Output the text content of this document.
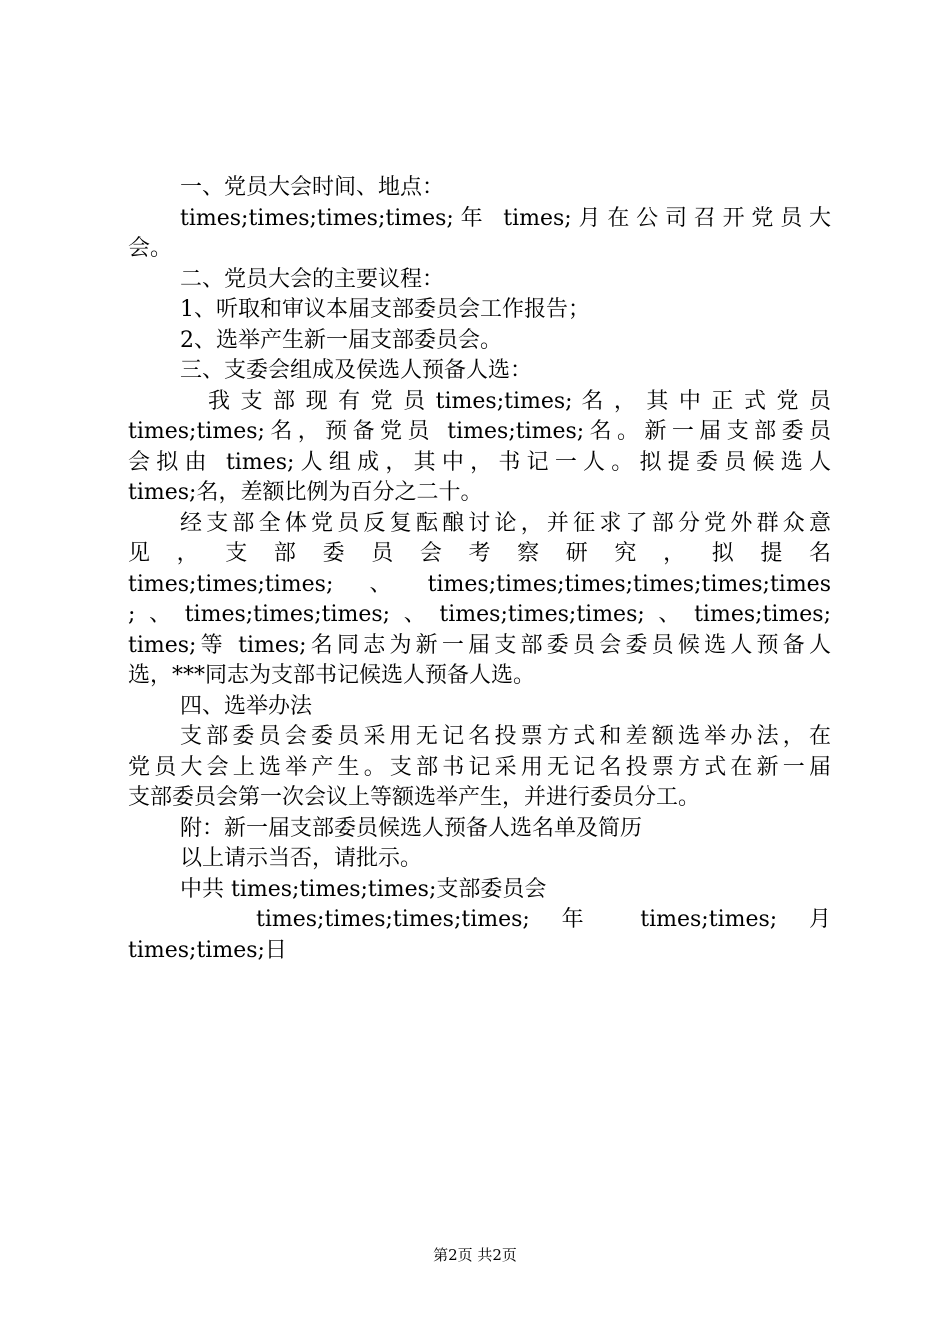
一、党员大会时间、地点：

times;times;times;times;年 times;月在公司召开党员大

会。

二、党员大会的主要议程：

1、听取和审议本届支部委员会工作报告；

2、选举产生新一届支部委员会。

三、支委会组成及侯选人预备人选：

我 支 部 现 有 党 员 times;times; 名 ， 其 中 正 式 党 员

times;times;名，预备党员 times;times;名。新一届支部委员

会拟由 times;人组成，其中，书记一人。拟提委员候选人

times;名，差额比例为百分之二十。

经支部全体党员反复酝酿讨论，并征求了部分党外群众意

见 ， 支 部 委 员 会 考 察 研 究 ， 拟 提 名

times;times;times;、times;times;times;times;times;times

;、times;times;times;、times;times;times;、times;times;

times;等 times;名同志为新一届支部委员会委员候选人预备人

选，***同志为支部书记候选人预备人选。

四、选举办法

支部委员会委员采用无记名投票方式和差额选举办法，在

党员大会上选举产生。支部书记采用无记名投票方式在新一届

支部委员会第一次会议上等额选举产生，并进行委员分工。

附：新一届支部委员候选人预备人选名单及简历

以上请示当否，请批示。

中共 times;times;times;支部委员会

times;times;times;times; 年 times;times; 月

times;times;日

第2页 共2页
